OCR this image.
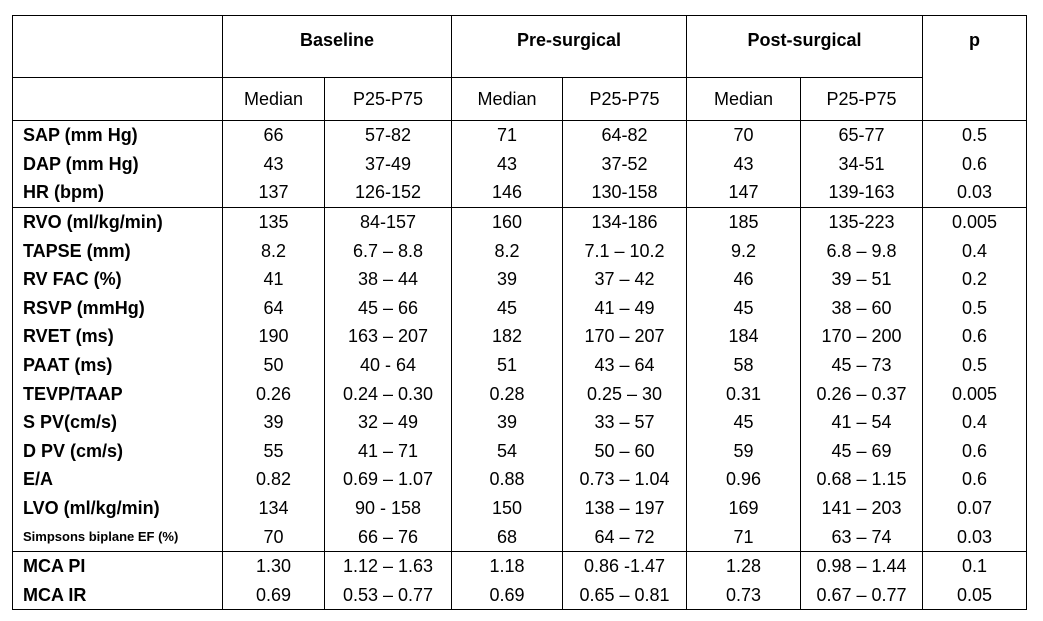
	Baseline		Pre-surgical		Post-surgical		p
	Median	P25-P75	Median	P25-P75	Median	P25-P75	
SAP (mm Hg)	66	57-82	71	64-82	70	65-77	0.5
DAP (mm Hg)	43	37-49	43	37-52	43	34-51	0.6
HR (bpm)	137	126-152	146	130-158	147	139-163	0.03
RVO (ml/kg/min)	135	84-157	160	134-186	185	135-223	0.005
TAPSE (mm)	8.2	6.7 – 8.8	8.2	7.1 – 10.2	9.2	6.8 – 9.8	0.4
RV FAC (%)	41	38 – 44	39	37 – 42	46	39 – 51	0.2
RSVP (mmHg)	64	45 – 66	45	41 – 49	45	38 – 60	0.5
RVET (ms)	190	163 – 207	182	170 – 207	184	170 – 200	0.6
PAAT (ms)	50	40 - 64	51	43 – 64	58	45 – 73	0.5
TEVP/TAAP	0.26	0.24 – 0.30	0.28	0.25 – 30	0.31	0.26 – 0.37	0.005
S PV(cm/s)	39	32 – 49	39	33 – 57	45	41 – 54	0.4
D PV (cm/s)	55	41 – 71	54	50 – 60	59	45 – 69	0.6
E/A	0.82	0.69 – 1.07	0.88	0.73 – 1.04	0.96	0.68 – 1.15	0.6
LVO (ml/kg/min)	134	90 - 158	150	138 – 197	169	141 – 203	0.07
Simpsons biplane EF (%)	70	66 – 76	68	64 – 72	71	63 – 74	0.03
MCA PI	1.30	1.12 – 1.63	1.18	0.86 -1.47	1.28	0.98 – 1.44	0.1
MCA IR	0.69	0.53 – 0.77	0.69	0.65 – 0.81	0.73	0.67 – 0.77	0.05
